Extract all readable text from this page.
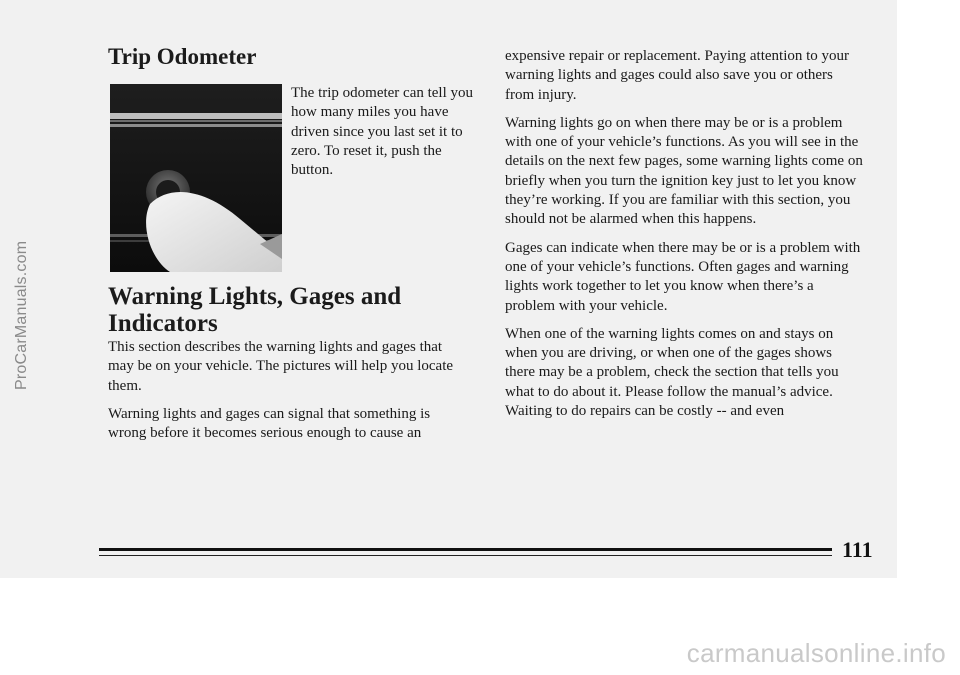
Trip Odometer

The trip odometer can tell you how many miles you have driven since you last set it to zero. To reset it, push the button.

Warning Lights, Gages and Indicators

This section describes the warning lights and gages that may be on your vehicle. The pictures will help you locate them.

Warning lights and gages can signal that something is wrong before it becomes serious enough to cause an

expensive repair or replacement. Paying attention to your warning lights and gages could also save you or others from injury.

Warning lights go on when there may be or is a problem with one of your vehicle’s functions. As you will see in the details on the next few pages, some warning lights come on briefly when you turn the ignition key just to let you know they’re working. If you are familiar with this section, you should not be alarmed when this happens.

Gages can indicate when there may be or is a problem with one of your vehicle’s functions. Often gages and warning lights work together to let you know when there’s a problem with your vehicle.

When one of the warning lights comes on and stays on when you are driving, or when one of the gages shows there may be a problem, check the section that tells you what to do about it. Please follow the manual’s advice. Waiting to do repairs can be costly -- and even

111
ProCarManuals.com
carmanualsonline.info
